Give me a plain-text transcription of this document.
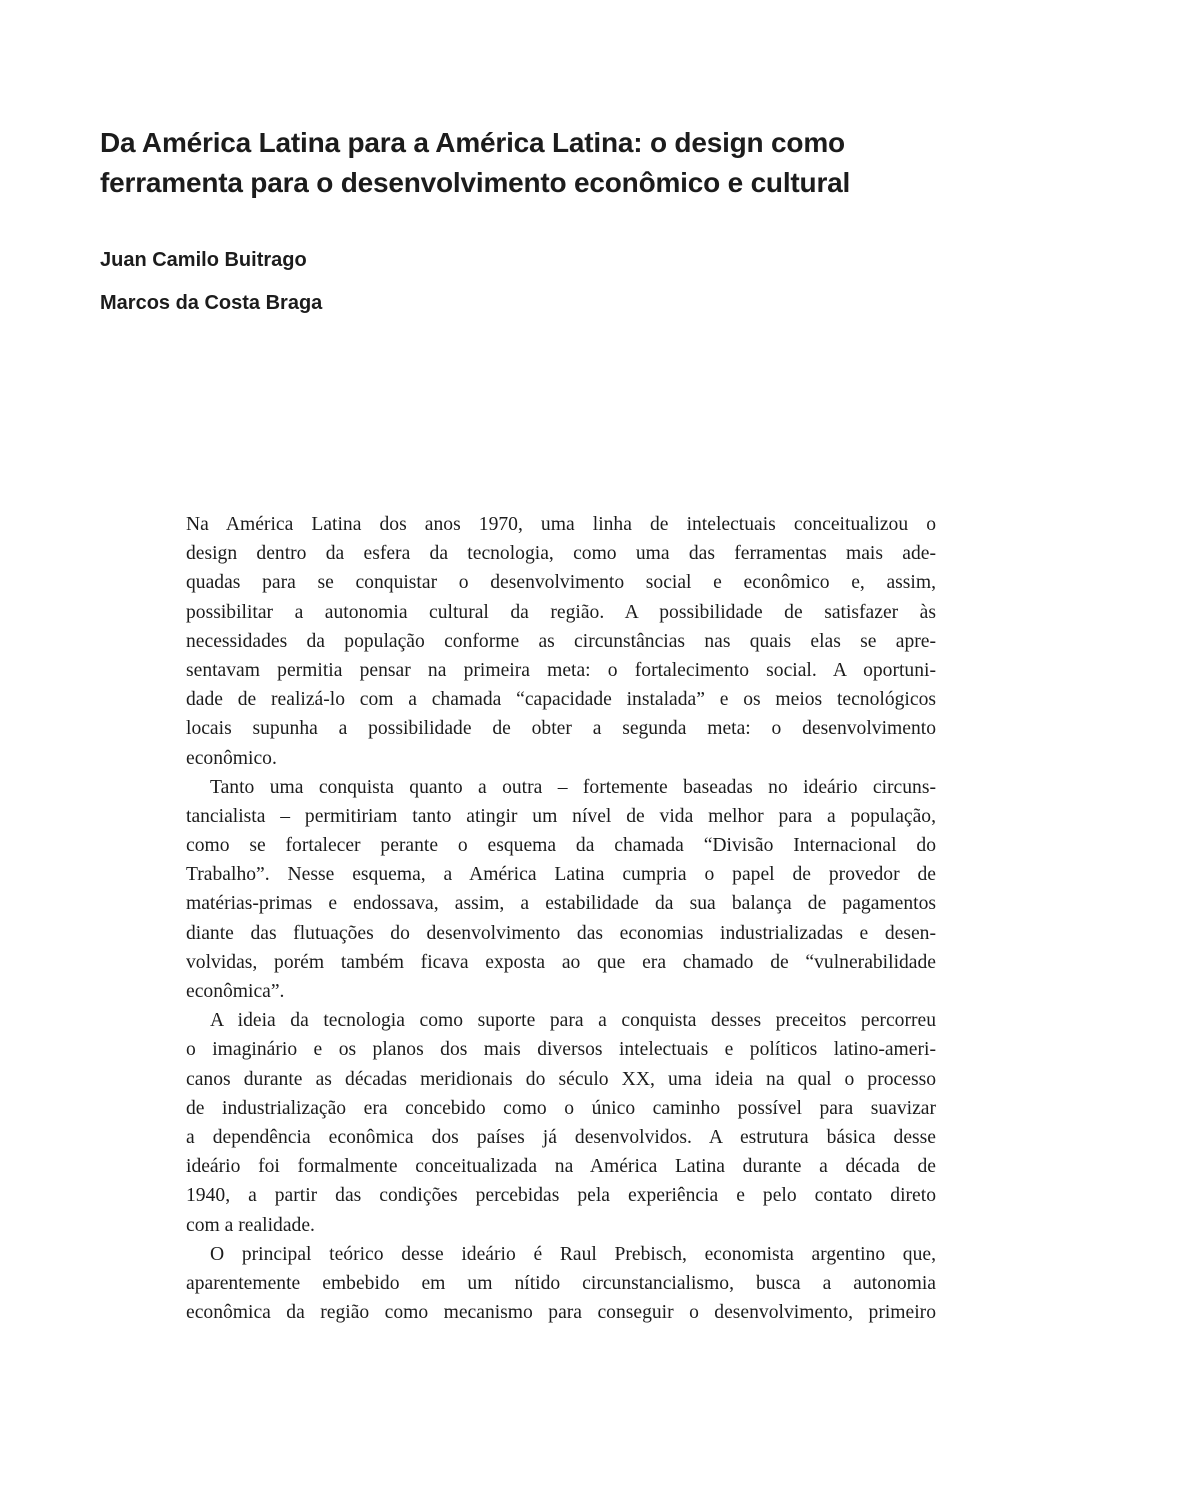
Da América Latina para a América Latina: o design como
ferramenta para o desenvolvimento econômico e cultural

Juan Camilo Buitrago

Marcos da Costa Braga

Na América Latina dos anos 1970, uma linha de intelectuais conceitualizou o
design dentro da esfera da tecnologia, como uma das ferramentas mais ade-
quadas para se conquistar o desenvolvimento social e econômico e, assim,
possibilitar a autonomia cultural da região. A possibilidade de satisfazer às
necessidades da população conforme as circunstâncias nas quais elas se apre-
sentavam permitia pensar na primeira meta: o fortalecimento social. A oportuni-
dade de realizá-lo com a chamada “capacidade instalada” e os meios tecnológicos
locais supunha a possibilidade de obter a segunda meta: o desenvolvimento
econômico.

Tanto uma conquista quanto a outra – fortemente baseadas no ideário circuns-
tancialista – permitiriam tanto atingir um nível de vida melhor para a população,
como se fortalecer perante o esquema da chamada “Divisão Internacional do
Trabalho”. Nesse esquema, a América Latina cumpria o papel de provedor de
matérias-primas e endossava, assim, a estabilidade da sua balança de pagamentos
diante das flutuações do desenvolvimento das economias industrializadas e desen-
volvidas, porém também ficava exposta ao que era chamado de “vulnerabilidade
econômica”.

A ideia da tecnologia como suporte para a conquista desses preceitos percorreu
o imaginário e os planos dos mais diversos intelectuais e políticos latino-ameri-
canos durante as décadas meridionais do século XX, uma ideia na qual o processo
de industrialização era concebido como o único caminho possível para suavizar
a dependência econômica dos países já desenvolvidos. A estrutura básica desse
ideário foi formalmente conceitualizada na América Latina durante a década de
1940, a partir das condições percebidas pela experiência e pelo contato direto
com a realidade.

O principal teórico desse ideário é Raul Prebisch, economista argentino que,
aparentemente embebido em um nítido circunstancialismo, busca a autonomia
econômica da região como mecanismo para conseguir o desenvolvimento, primeiro
